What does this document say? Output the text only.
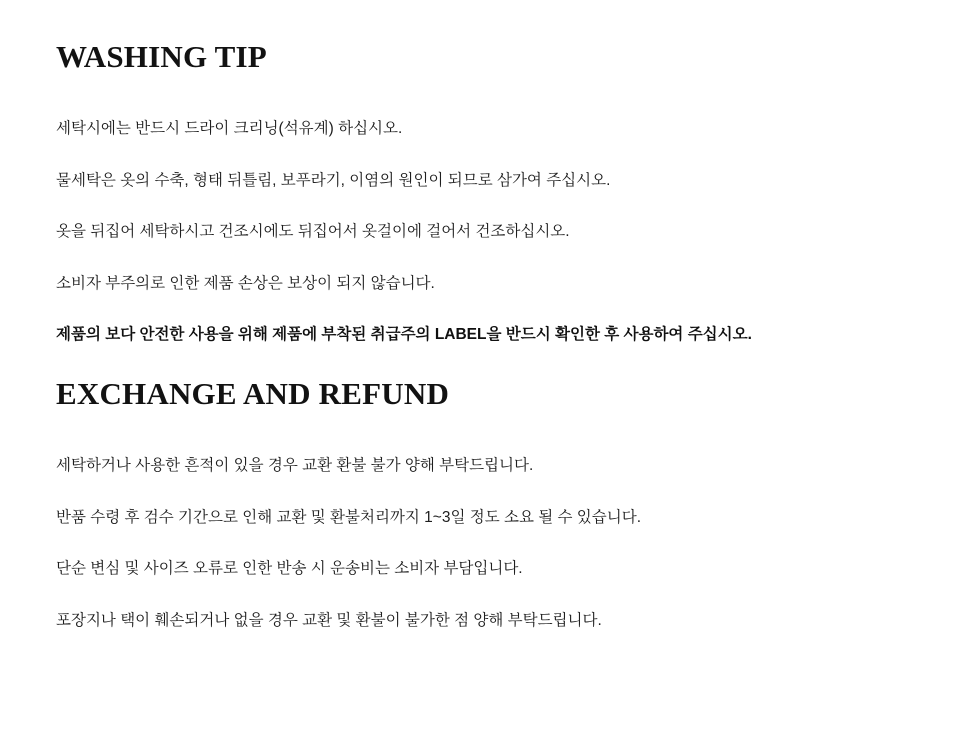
WASHING TIP

세탁시에는 반드시 드라이 크리닝(석유계) 하십시오.

물세탁은 옷의 수축, 형태 뒤틀림, 보푸라기, 이염의 원인이 되므로 삼가여 주십시오.

옷을 뒤집어 세탁하시고 건조시에도 뒤집어서 옷걸이에 걸어서 건조하십시오.

소비자 부주의로 인한 제품 손상은 보상이 되지 않습니다.

제품의 보다 안전한 사용을 위해 제품에 부착된 취급주의 LABEL을 반드시 확인한 후 사용하여 주십시오.

EXCHANGE AND REFUND

세탁하거나 사용한 흔적이 있을 경우 교환 환불 불가 양해 부탁드립니다.

반품 수령 후 검수 기간으로 인해 교환 및 환불처리까지 1~3일 정도 소요 될 수 있습니다.

단순 변심 및 사이즈 오류로 인한 반송 시 운송비는 소비자 부담입니다.

포장지나 택이 훼손되거나 없을 경우 교환 및 환불이 불가한 점 양해 부탁드립니다.
